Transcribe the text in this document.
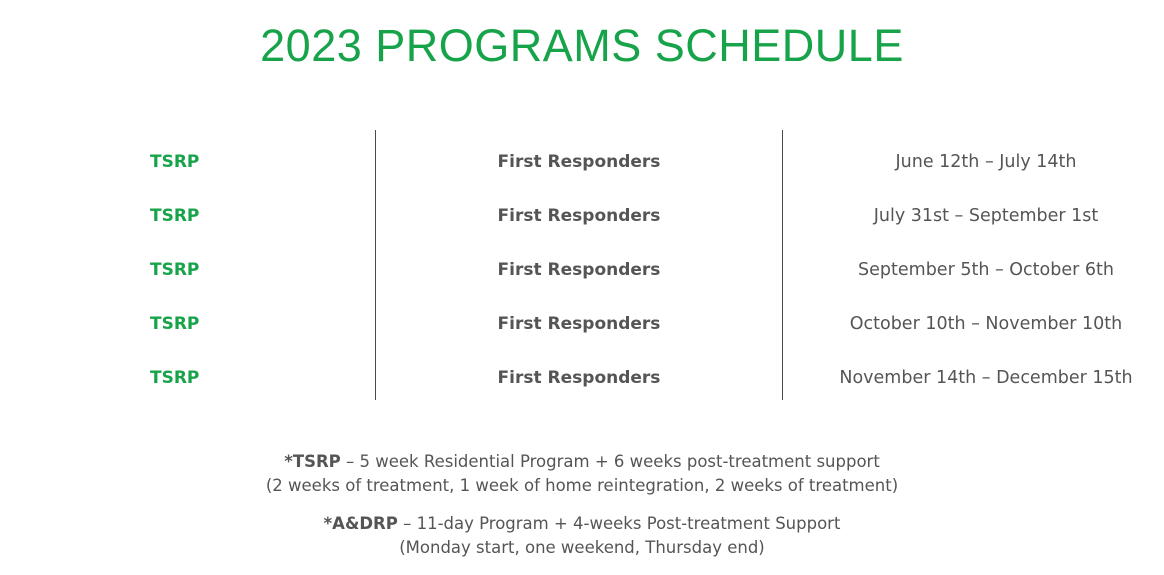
2023 PROGRAMS SCHEDULE
TSRP	First Responders	June 12th – July 14th
TSRP	First Responders	July 31st – September 1st
TSRP	First Responders	September 5th – October 6th
TSRP	First Responders	October 10th – November 10th
TSRP	First Responders	November 14th – December 15th
*TSRP – 5 week Residential Program + 6 weeks post-treatment support
(2 weeks of treatment, 1 week of home reintegration, 2 weeks of treatment)
*A&DRP – 11-day Program + 4-weeks Post-treatment Support
(Monday start, one weekend, Thursday end)
